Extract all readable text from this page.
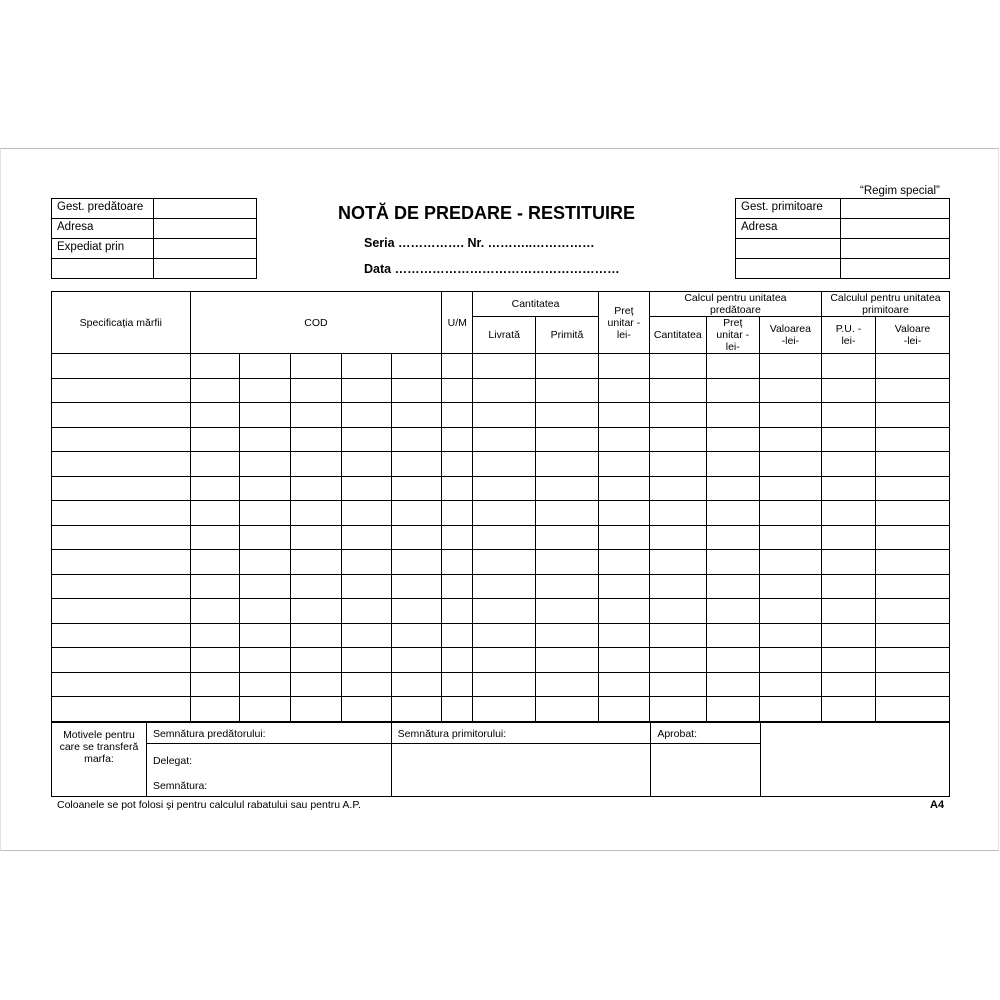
“Regim special”
Gest. predătoare	
Adresa	
Expediat prin	

NOTĂ DE PREDARE - RESTITUIRE
Seria ……………. Nr. ………..……………
Data ………………………………………………
Gest. primitoare	
Adresa	

Specificația mărfii	COD					U/M	Cantitatea		Preț unitar -lei-	Calcul pentru unitatea predătoare			Calculul pentru unitatea primitoare	
							Livrată	Primită		Cantitatea	Preț unitar -lei-	Valoarea -lei-	P.U. -lei-	Valoare -lei-

Motivele pentru care se transferă marfa:

Semnătura predătorului:
Delegat:
Semnătura:

Semnătura primitorului:	Aprobat:

Coloanele se pot folosi şi pentru calculul rabatului sau pentru A.P.	A4
